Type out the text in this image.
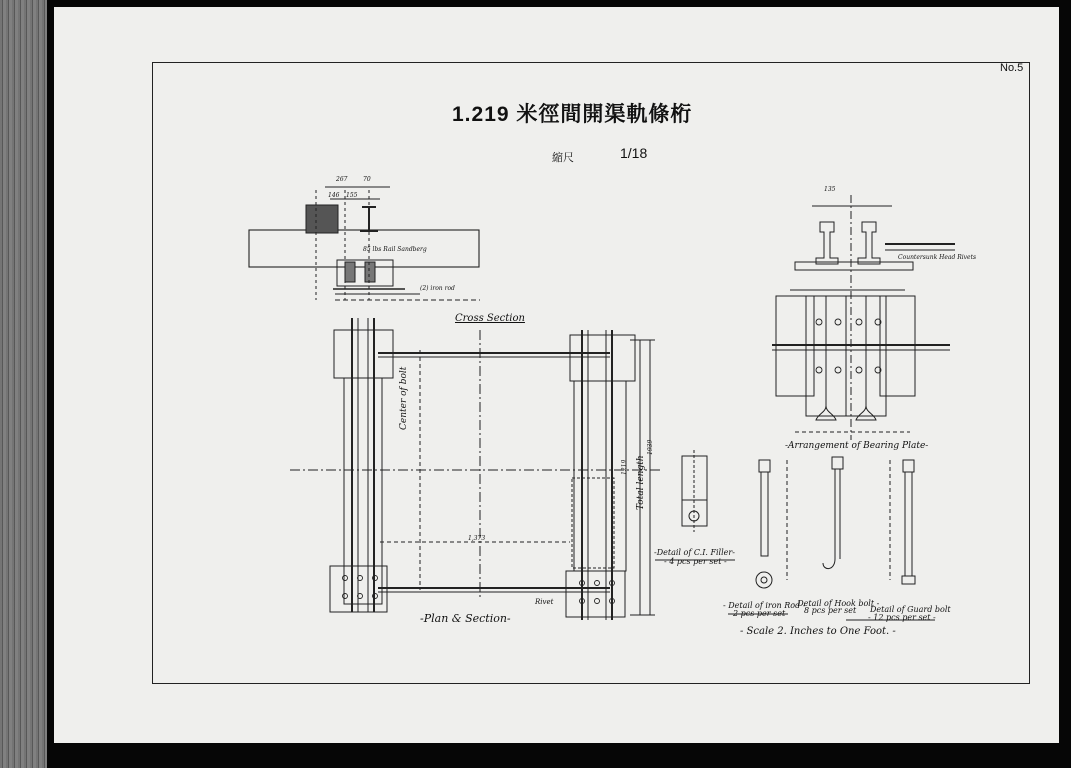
No.5
1.219 米徑間開渠軌條桁
縮尺	1/18
Cross Section
-Plan & Section-
-Arrangement of Bearing Plate-
-Detail of C.I. Filler-
- 4 pcs per set -
- Detail of iron Rod -
2 pcs per set
- Detail of Hook bolt -
8 pcs per set Detail of Guard bolt
- 12 pcs per set -
- Scale 2. Inches to One Foot. -
85 lbs Rail Sandberg
(2) iron rod
Countersunk Head Rivets
Center of bolt
Total length
Rivet
267	70
146 155
135
1,373
1939
1219
